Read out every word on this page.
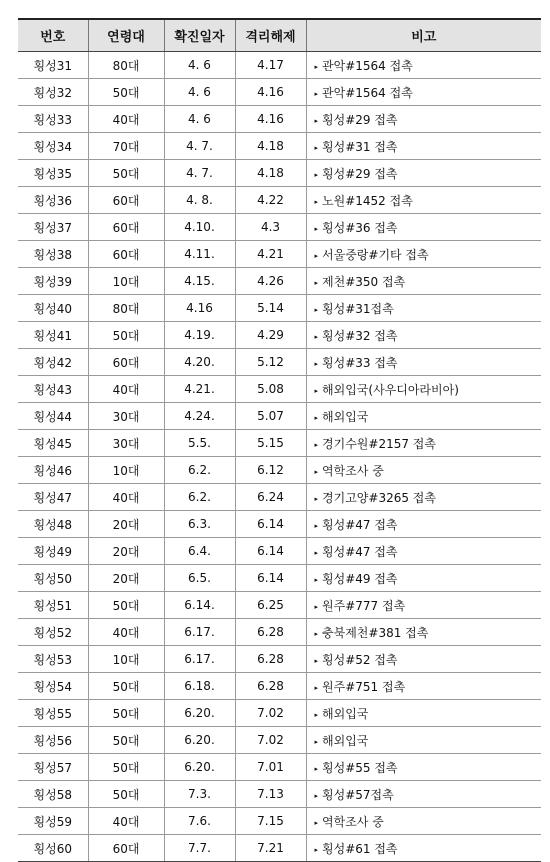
번호	연령대	확진일자	격리해제	비고
횡성31	80대	4. 6	4.17	▸ 관악#1564 접촉
횡성32	50대	4. 6	4.16	▸ 관악#1564 접촉
횡성33	40대	4. 6	4.16	▸ 횡성#29 접촉
횡성34	70대	4. 7.	4.18	▸ 횡성#31 접촉
횡성35	50대	4. 7.	4.18	▸ 횡성#29 접촉
횡성36	60대	4. 8.	4.22	▸ 노원#1452 접촉
횡성37	60대	4.10.	4.3	▸ 횡성#36 접촉
횡성38	60대	4.11.	4.21	▸ 서울중랑#기타 접촉
횡성39	10대	4.15.	4.26	▸ 제천#350 접촉
횡성40	80대	4.16	5.14	▸ 횡성#31접촉
횡성41	50대	4.19.	4.29	▸ 횡성#32 접촉
횡성42	60대	4.20.	5.12	▸ 횡성#33 접촉
횡성43	40대	4.21.	5.08	▸ 해외입국(사우디아라비아)
횡성44	30대	4.24.	5.07	▸ 해외입국
횡성45	30대	5.5.	5.15	▸ 경기수원#2157 접촉
횡성46	10대	6.2.	6.12	▸ 역학조사 중
횡성47	40대	6.2.	6.24	▸ 경기고양#3265 접촉
횡성48	20대	6.3.	6.14	▸ 횡성#47 접촉
횡성49	20대	6.4.	6.14	▸ 횡성#47 접촉
횡성50	20대	6.5.	6.14	▸ 횡성#49 접촉
횡성51	50대	6.14.	6.25	▸ 원주#777 접촉
횡성52	40대	6.17.	6.28	▸ 충북제천#381 접촉
횡성53	10대	6.17.	6.28	▸ 횡성#52 접촉
횡성54	50대	6.18.	6.28	▸ 원주#751 접촉
횡성55	50대	6.20.	7.02	▸ 해외입국
횡성56	50대	6.20.	7.02	▸ 해외입국
횡성57	50대	6.20.	7.01	▸ 횡성#55 접촉
횡성58	50대	7.3.	7.13	▸ 횡성#57접촉
횡성59	40대	7.6.	7.15	▸ 역학조사 중
횡성60	60대	7.7.	7.21	▸ 횡성#61 접촉
